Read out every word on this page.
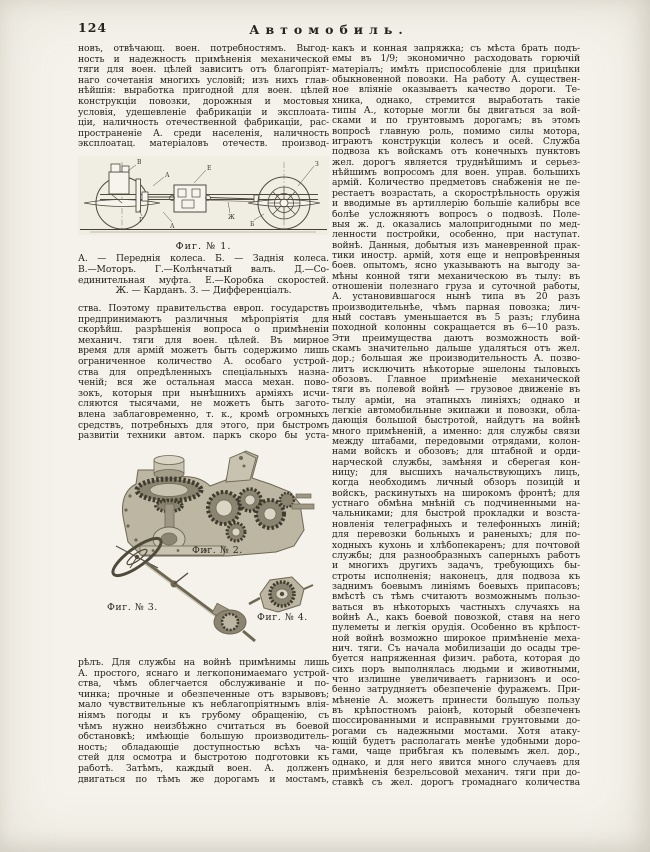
124	Автомобиль.
новъ, отвѣчающ. воен. потребностямъ. Выгод-
ность и надежность примѣненія механической
тяги для воен. цѣлей зависитъ отъ благопріят-
наго сочетанія многихъ условій; изъ нихъ глав-
нѣйшія: выработка пригодной для воен. цѣлей
конструкціи повозки, дорожныя и мостовыя
условія, удешевленіе фабрикаціи и эксплоата-
ціи, наличность отечественной фабрикаціи, рас-
пространеніе А. среди населенія, наличность
эксплоатац. матеріаловъ отечеств. производ-
В
А
Е
З
Г	Ж
Б
А
Фиг. № 1.
А. — Переднія колеса. Б. — Заднія колеса.
В.—Моторъ. Г.—Колѣнчатый валъ. Д.—Со-
единительная муфта. Е.—Коробка скоростей.
Ж. — Карданъ. З. — Дифференціалъ.
ства. Поэтому правительства европ. государствъ
предпринимаютъ различныя мѣропріятія для
скорѣйш. разрѣшенія вопроса о примѣненіи
механич. тяги для воен. цѣлей. Въ мирное
время для армій можетъ быть содержимо лишь
ограниченное количество А. особаго устрой-
ства для опредѣленныхъ спеціальныхъ назна-
ченій; вся же остальная масса механ. пово-
зокъ, которыя при нынѣшнихъ арміяхъ исчи-
сляются тысячами, не можетъ быть загото-
влена заблаговременно, т. к., кромѣ огромныхъ
средствъ, потребныхъ для этого, при быстромъ
развитіи техники автом. паркъ скоро бы уста-
Фиг. № 2.
Фиг. № 3.
Фиг. № 4.
рѣлъ. Для службы на войнѣ примѣнимы лишь
А. простого, яснаго и легкопонимаемаго устрой-
ства, чѣмъ облегчается обслуживаніе и по-
чинка; прочные и обезпеченные отъ взрывовъ;
мало чувствительные къ неблагопріятнымъ влія-
ніямъ погоды и къ грубому обращенію, съ
чѣмъ нужно неизбѣжно считаться въ боевой
обстановкѣ; имѣющіе большую производитель-
ность; обладающіе доступностью всѣхъ ча-
стей для осмотра и быстротою подготовки къ
работѣ. Затѣмъ, каждый воен. А. долженъ
двигаться по тѣмъ же дорогамъ и мостамъ,
какъ и конная запряжка; съ мѣста брать подъ-
емы въ 1/9; экономично расходовать горючій
матеріалъ; имѣть приспособленіе для прицѣпки
обыкновенной повозки. На работу А. существен-
ное вліяніе оказываетъ качество дороги. Те-
хника, однако, стремится выработать такіе
типы А., которые могли бы двигаться за вой-
сками и по грунтовымъ дорогамъ; въ этомъ
вопросѣ главную роль, помимо силы мотора,
играютъ конструкціи колесъ и осей. Служба
подвоза къ войскамъ отъ конечныхъ пунктовъ
жел. дорогъ является труднѣйшимъ и серьез-
нѣйшимъ вопросомъ для воен. управ. большихъ
армій. Количество предметовъ снабженія не пе-
рестаетъ возрастать, а скорострѣльность оружія
и вводимые въ артиллерію большіе калибры все
болѣе усложняютъ вопросъ о подвозѣ. Поле-
выя ж. д. оказались малопригодными по мед-
ленности постройки, особенно, при наступат.
войнѣ. Данныя, добытыя изъ маневренной прак-
тики иностр. армій, хотя еще и непровѣренныя
боев. опытомъ, ясно указываютъ на выгоду за-
мѣны конной тяги механическою въ тылу: въ
отношеніи полезнаго груза и суточной работы,
А. установившагося нынѣ типа въ 20 разъ
производительнѣе, чѣмъ парная повозка; лич-
ный составъ уменьшается въ 5 разъ; глубина
походной колонны сокращается въ 6—10 разъ.
Эти преимущества даютъ возможность вой-
скамъ значительно дальше удаляться отъ жел.
дор.; большая же производительность А. позво-
литъ исключить нѣкоторые эшелоны тыловыхъ
обозовъ. Главное примѣненіе механической
тяги въ полевой войнѣ — грузовое движеніе въ
тылу арміи, на этапныхъ линіяхъ; однако и
легкіе автомобильные экипажи и повозки, обла-
дающія большой быстротой, найдутъ на войнѣ
много примѣненій, а именно: для службы связи
между штабами, передовыми отрядами, колон-
нами войскъ и обозовъ; для штабной и орди-
нарческой службы, замѣняя и сберегая кон-
ницу; для высшихъ начальствующихъ лицъ,
когда необходимъ личный обзоръ позицій и
войскъ, раскинутыхъ на широкомъ фронтѣ; для
устнаго обмѣна мнѣній съ подчиненными на-
чальниками; для быстрой прокладки и возста-
новленія телеграфныхъ и телефонныхъ линій;
для перевозки больныхъ и раненыхъ; для по-
ходныхъ кухонь и хлѣбопекаренъ; для почтовой
службы; для разнообразныхъ саперныхъ работъ
и многихъ другихъ задачъ, требующихъ бы-
строты исполненія; наконецъ, для подвоза къ
заднимъ боевымъ линіямъ боевыхъ припасовъ;
вмѣстѣ съ тѣмъ считаютъ возможнымъ пользо-
ваться въ нѣкоторыхъ частныхъ случаяхъ на
войнѣ А., какъ боевой повозкой, ставя на него
пулеметы и легкія орудія. Особенно въ крѣпост-
ной войнѣ возможно широкое примѣненіе меха-
нич. тяги. Съ начала мобилизаціи до осады тре-
буется напряженная физич. работа, которая до
сихъ поръ выполнялась людьми и животными,
что излишне увеличиваетъ гарнизонъ и осо-
бенно затрудняетъ обезпеченіе фуражемъ. При-
мѣненіе А. можетъ принести большую пользу
въ крѣпостномъ раіонѣ, который обезпеченъ
шоссированными и исправными грунтовыми до-
рогами съ надежными мостами. Хотя атаку-
ющій будетъ располагать менѣе удобными доро-
гами, чаще прибѣгая къ полевымъ жел. дор.,
однако, и для него явится много случаевъ для
примѣненія безрельсовой механич. тяги при до-
ставкѣ съ жел. дорогъ громаднаго количества
